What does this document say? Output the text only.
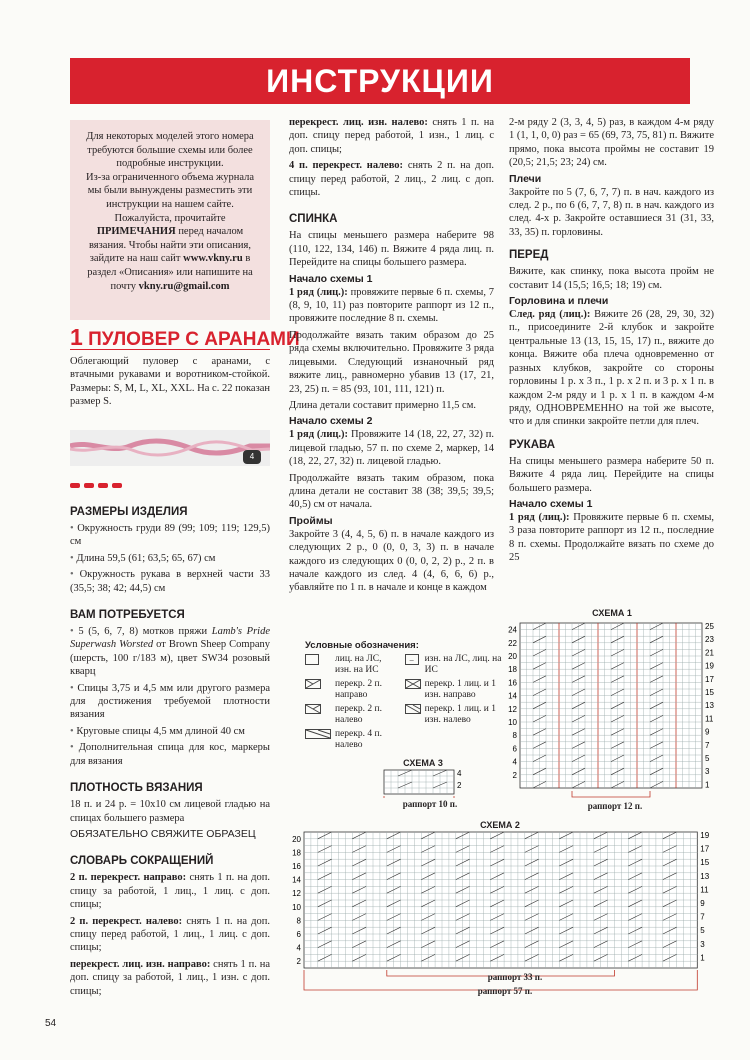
ИНСТРУКЦИИ
Для некоторых моделей этого номера требуются большие схемы или более подробные инструкции.
Из-за ограниченного объема журнала мы были вынуждены разместить эти инструкции на нашем сайте. Пожалуйста, прочитайте ПРИМЕЧАНИЯ перед началом вязания. Чтобы найти эти описания, зайдите на наш сайт www.vkny.ru в раздел «Описания» или напишите на почту vkny.ru@gmail.com
1 ПУЛОВЕР С АРАНАМИ

Облегающий пуловер с аранами, с втачными рукавами и воротником-стойкой. Размеры: S, M, L, XL, XXL. На с. 22 показан размер S.

4
РАЗМЕРЫ ИЗДЕЛИЯ

• Окружность груди 89 (99; 109; 119; 129,5) см

• Длина 59,5 (61; 63,5; 65, 67) см

• Окружность рукава в верхней части 33 (35,5; 38; 42; 44,5) см

ВАМ ПОТРЕБУЕТСЯ

• 5 (5, 6, 7, 8) мотков пряжи Lamb's Pride Superwash Worsted от Brown Sheep Company (шерсть, 100 г/183 м), цвет SW34 розовый кварц

• Спицы 3,75 и 4,5 мм или другого размера для достижения требуемой плотности вязания

• Круговые спицы 4,5 мм длиной 40 см

• Дополнительная спица для кос, маркеры для вязания

ПЛОТНОСТЬ ВЯЗАНИЯ

18 п. и 24 р. = 10x10 см лицевой гладью на спицах большего размера

ОБЯЗАТЕЛЬНО СВЯЖИТЕ ОБРАЗЕЦ

СЛОВАРЬ СОКРАЩЕНИЙ

2 п. перекрест. направо: снять 1 п. на доп. спицу за работой, 1 лиц., 1 лиц. с доп. спицы;

2 п. перекрест. налево: снять 1 п. на доп. спицу перед работой, 1 лиц., 1 лиц. с доп. спицы;

перекрест. лиц. изн. направо: снять 1 п. на доп. спицу за работой, 1 лиц., 1 изн. с доп. спицы;

перекрест. лиц. изн. налево: снять 1 п. на доп. спицу перед работой, 1 изн., 1 лиц. с доп. спицы;

4 п. перекрест. налево: снять 2 п. на доп. спицу перед работой, 2 лиц., 2 лиц. с доп. спицы.

СПИНКА

На спицы меньшего размера наберите 98 (110, 122, 134, 146) п. Вяжите 4 ряда лиц. п. Перейдите на спицы большего размера.

Начало схемы 1

1 ряд (лиц.): провяжите первые 6 п. схемы, 7 (8, 9, 10, 11) раз повторите раппорт из 12 п., провяжите последние 8 п. схемы.

Продолжайте вязать таким образом до 25 ряда схемы включительно. Провяжите 3 ряда лицевыми. Следующий изнаночный ряд вяжите лиц., равномерно убавив 13 (17, 21, 23, 25) п. = 85 (93, 101, 111, 121) п.

Длина детали составит примерно 11,5 см.

Начало схемы 2

1 ряд (лиц.): Провяжите 14 (18, 22, 27, 32) п. лицевой гладью, 57 п. по схеме 2, маркер, 14 (18, 22, 27, 32) п. лицевой гладью.

Продолжайте вязать таким образом, пока длина детали не составит 38 (38; 39,5; 39,5; 40,5) см от начала.

Проймы

Закройте 3 (4, 4, 5, 6) п. в начале каждого из следующих 2 р., 0 (0, 0, 3, 3) п. в начале каждого из следующих 0 (0, 0, 2, 2) р., 2 п. в начале каждого из след. 4 (4, 6, 6, 6) р., убавляйте по 1 п. в начале и конце в каждом

2-м ряду 2 (3, 3, 4, 5) раз, в каждом 4-м ряду 1 (1, 1, 0, 0) раз = 65 (69, 73, 75, 81) п. Вяжите прямо, пока высота проймы не составит 19 (20,5; 21,5; 23; 24) см.

Плечи

Закройте по 5 (7, 6, 7, 7) п. в нач. каждого из след. 2 р., по 6 (6, 7, 7, 8) п. в нач. каждого из след. 4-х р. Закройте оставшиеся 31 (31, 33, 33, 35) п. горловины.

ПЕРЕД

Вяжите, как спинку, пока высота пройм не составит 14 (15,5; 16,5; 18; 19) см.

Горловина и плечи

След. ряд (лиц.): Вяжите 26 (28, 29, 30, 32) п., присоедините 2-й клубок и закройте центральные 13 (13, 15, 15, 17) п., вяжите до конца. Вяжите оба плеча одновременно от разных клубков, закройте со стороны горловины 1 р. х 3 п., 1 р. х 2 п. и 3 р. х 1 п. в каждом 2-м ряду и 1 р. х 1 п. в каждом 4-м ряду, ОДНОВРЕМЕННО на той же высоте, что и для спинки закройте петли для плеч.

РУКАВА

На спицы меньшего размера наберите 50 п. Вяжите 4 ряда лиц. Перейдите на спицы большего размера.

Начало схемы 1

1 ряд (лиц.): Провяжите первые 6 п. схемы, 3 раза повторите раппорт из 12 п., последние 8 п. схемы. Продолжайте вязать по схеме до 25

Условные обозначения:
	лиц. на ЛС, изн. на ИС	–	изн. на ЛС, лиц. на ИС
	перекр. 2 п. направо		перекр. 1 лиц. и 1 изн. направо
	перекр. 2 п. налево		перекр. 1 лиц. и 1 изн. налево
	перекр. 4 п. налево		
СХЕМА 3
4
2
раппорт 10 п.
СХЕМА 1
24
22
20
18
16
14
12
10
8
6
4
2
25
23
21
19
17
15
13
11
9
7
5
3
1
раппорт 12 п.
СХЕМА 2
20
18
16
14
12
10
8
6
4
2
19
17
15
13
11
9
7
5
3
1
раппорт 33 п.
раппорт 57 п.
54
